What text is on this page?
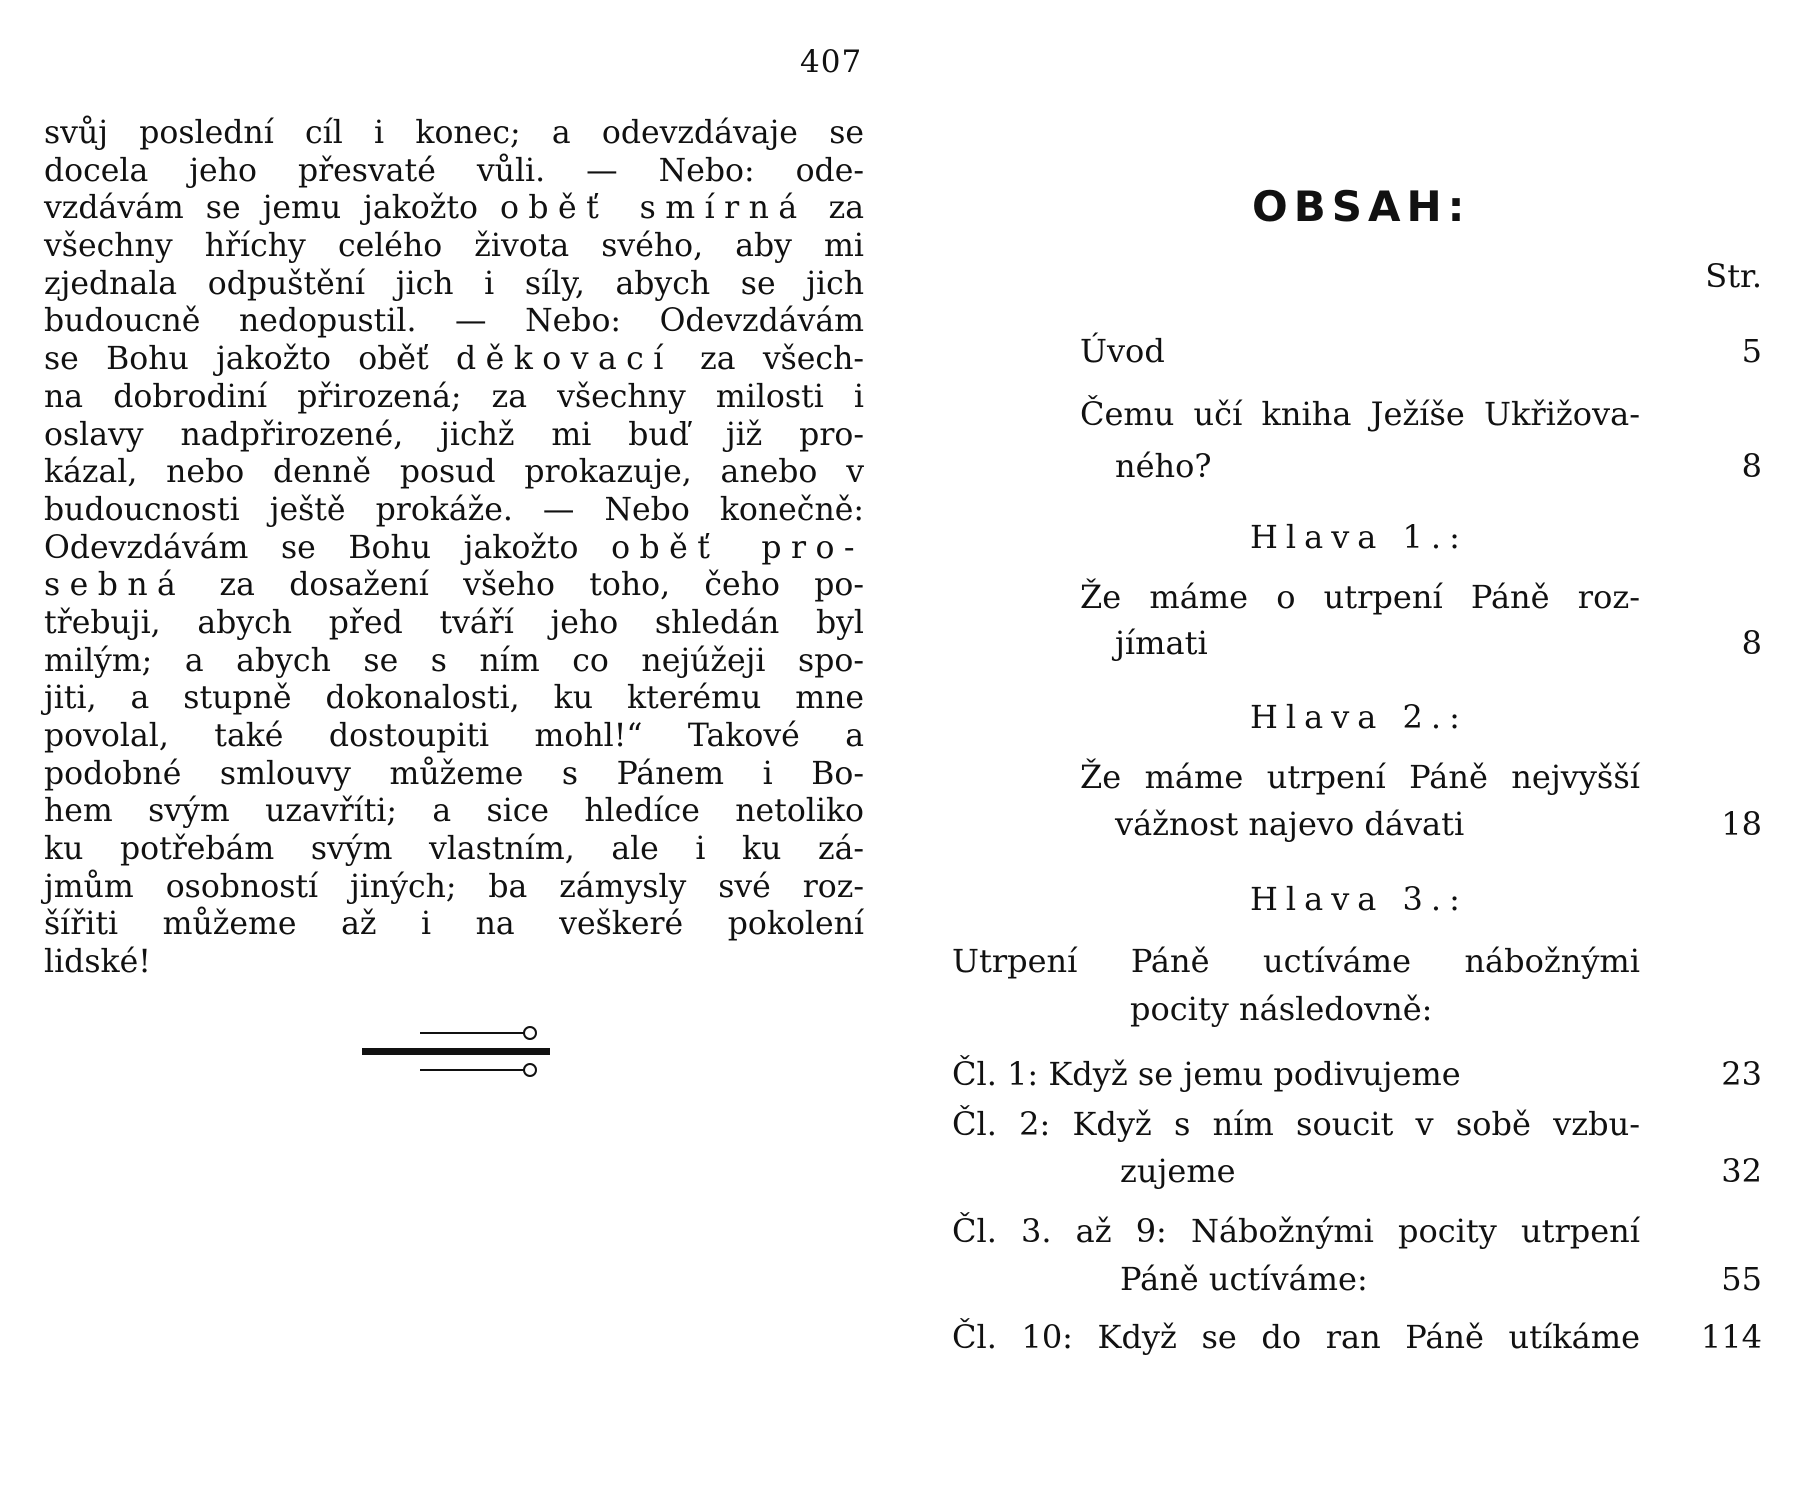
407
svůj poslední cíl i konec; a odevzdávaje se
docela jeho přesvaté vůli. — Nebo: ode-
vzdávám se jemu jakožto oběť smírná za
všechny hříchy celého života svého, aby mi
zjednala odpuštění jich i síly, abych se jich
budoucně nedopustil. — Nebo: Odevzdávám
se Bohu jakožto oběť děkovací za všech-
na dobrodiní přirozená; za všechny milosti i
oslavy nadpřirozené, jichž mi buď již pro-
kázal, nebo denně posud prokazuje, anebo v
budoucnosti ještě prokáže. — Nebo konečně:
Odevzdávám se Bohu jakožto oběť pro-
sebná za dosažení všeho toho, čeho po-
třebuji, abych před tváří jeho shledán byl
milým; a abych se s ním co nejúžeji spo-
jiti, a stupně dokonalosti, ku kterému mne
povolal, také dostoupiti mohl!“ Takové a
podobné smlouvy můžeme s Pánem i Bo-
hem svým uzavříti; a sice hledíce netoliko
ku potřebám svým vlastním, ale i ku zá-
jmům osobností jiných; ba zámysly své roz-
šířiti můžeme až i na veškeré pokolení
lidské!
OBSAH:
Str.
Úvod	5
Čemu učí kniha Ježíše Ukřižova-
ného?	8
Hlava 1.:
Že máme o utrpení Páně roz-
jímati	8
Hlava 2.:
Že máme utrpení Páně nejvyšší
vážnost najevo dávati	18
Hlava 3.:
Utrpení Páně uctíváme nábožnými
pocity následovně:
Čl. 1: Když se jemu podivujeme	23
Čl. 2: Když s ním soucit v sobě vzbu-
zujeme	32
Čl. 3. až 9: Nábožnými pocity utrpení
Páně uctíváme:	55
Čl. 10: Když se do ran Páně utíkáme 114
